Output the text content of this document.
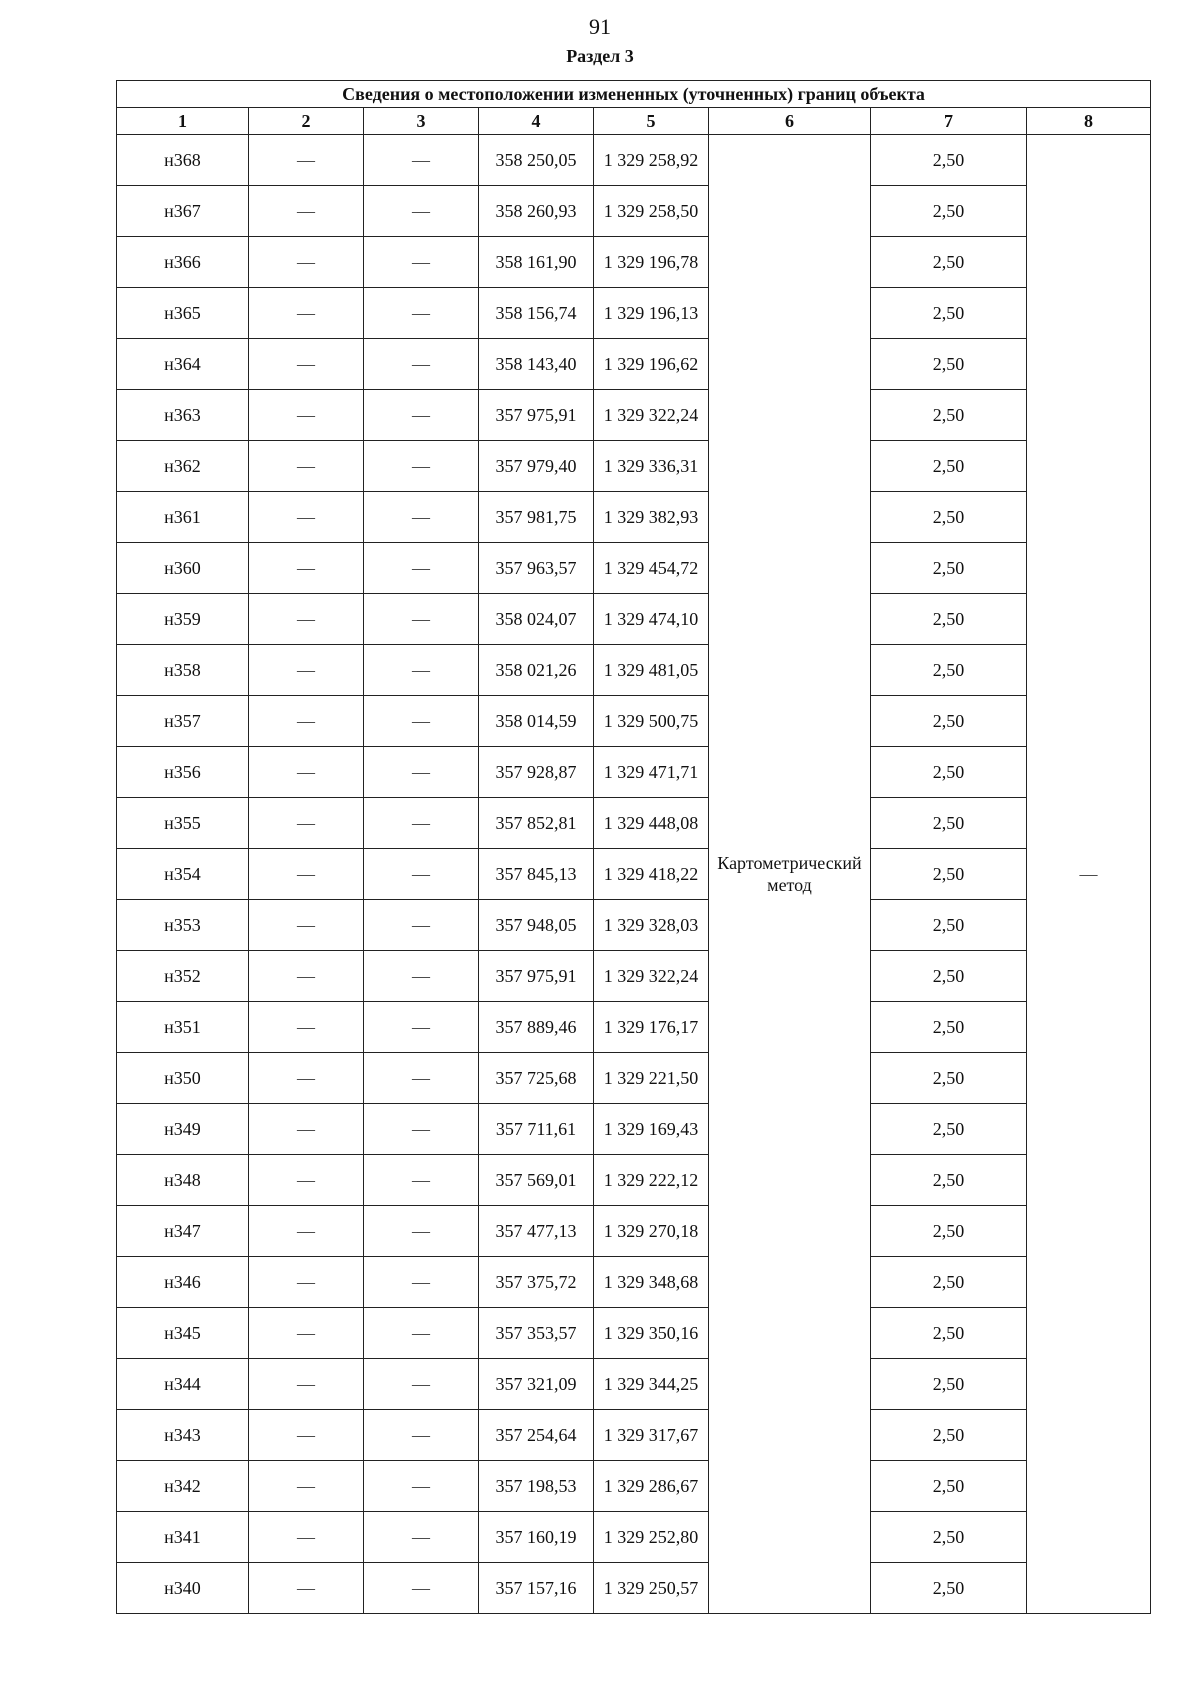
91
Раздел 3
Сведения о местоположении измененных (уточненных) границ объекта							
1	2	3	4	5	6	7	8
н368	—	—	358 250,05	1 329 258,92	Картометрический метод	2,50	—
н367	—	—	358 260,93	1 329 258,50		2,50	
н366	—	—	358 161,90	1 329 196,78		2,50	
н365	—	—	358 156,74	1 329 196,13		2,50	
н364	—	—	358 143,40	1 329 196,62		2,50	
н363	—	—	357 975,91	1 329 322,24		2,50	
н362	—	—	357 979,40	1 329 336,31		2,50	
н361	—	—	357 981,75	1 329 382,93		2,50	
н360	—	—	357 963,57	1 329 454,72		2,50	
н359	—	—	358 024,07	1 329 474,10		2,50	
н358	—	—	358 021,26	1 329 481,05		2,50	
н357	—	—	358 014,59	1 329 500,75		2,50	
н356	—	—	357 928,87	1 329 471,71		2,50	
н355	—	—	357 852,81	1 329 448,08		2,50	
н354	—	—	357 845,13	1 329 418,22		2,50	
н353	—	—	357 948,05	1 329 328,03		2,50	
н352	—	—	357 975,91	1 329 322,24		2,50	
н351	—	—	357 889,46	1 329 176,17		2,50	
н350	—	—	357 725,68	1 329 221,50		2,50	
н349	—	—	357 711,61	1 329 169,43		2,50	
н348	—	—	357 569,01	1 329 222,12		2,50	
н347	—	—	357 477,13	1 329 270,18		2,50	
н346	—	—	357 375,72	1 329 348,68		2,50	
н345	—	—	357 353,57	1 329 350,16		2,50	
н344	—	—	357 321,09	1 329 344,25		2,50	
н343	—	—	357 254,64	1 329 317,67		2,50	
н342	—	—	357 198,53	1 329 286,67		2,50	
н341	—	—	357 160,19	1 329 252,80		2,50	
н340	—	—	357 157,16	1 329 250,57		2,50	
